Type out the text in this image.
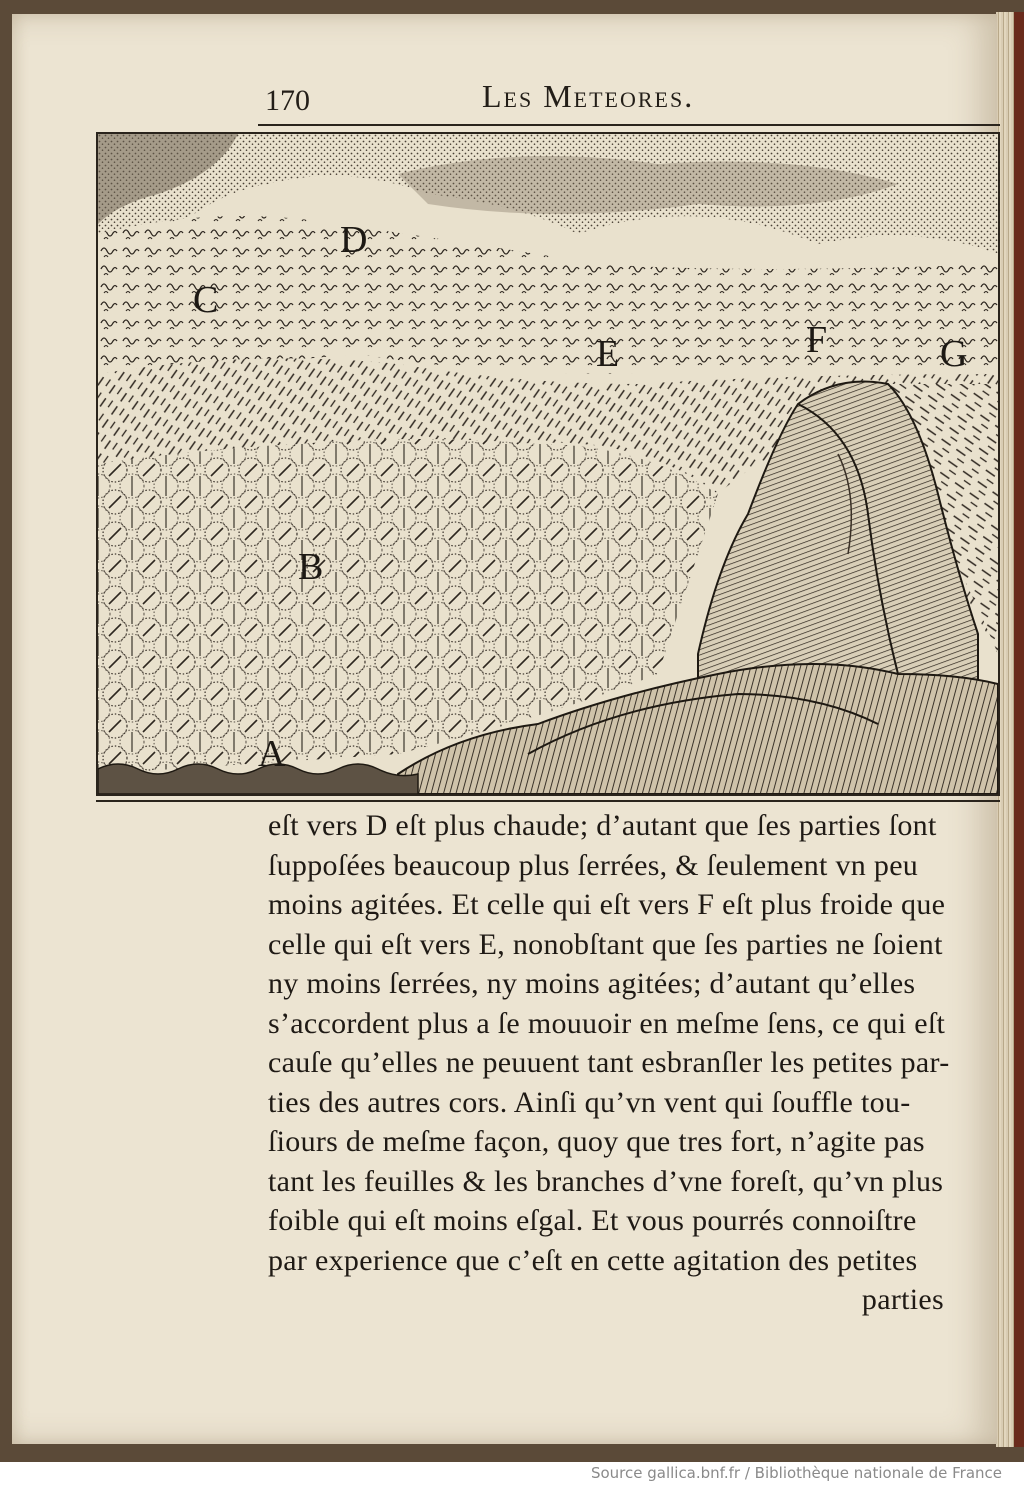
170	Les Meteores.

A
B
C
D
E	F	G

eſt vers D eſt plus chaude; d’autant que ſes parties ſont

ſuppoſées beaucoup plus ſerrées, & ſeulement vn peu

moins agitées. Et celle qui eſt vers F eſt plus froide que

celle qui eſt vers E, nonobſtant que ſes parties ne ſoient

ny moins ſerrées, ny moins agitées; d’autant qu’elles

s’accordent plus a ſe mouuoir en meſme ſens, ce qui eſt

cauſe qu’elles ne peuuent tant esbranſler les petites par-

ties des autres cors. Ainſi qu’vn vent qui ſouffle tou-

ſiours de meſme façon, quoy que tres fort, n’agite pas

tant les feuilles & les branches d’vne foreſt, qu’vn plus

foible qui eſt moins eſgal. Et vous pourrés connoiſtre

par experience que c’eſt en cette agitation des petites

parties

Source gallica.bnf.fr / Bibliothèque nationale de France
